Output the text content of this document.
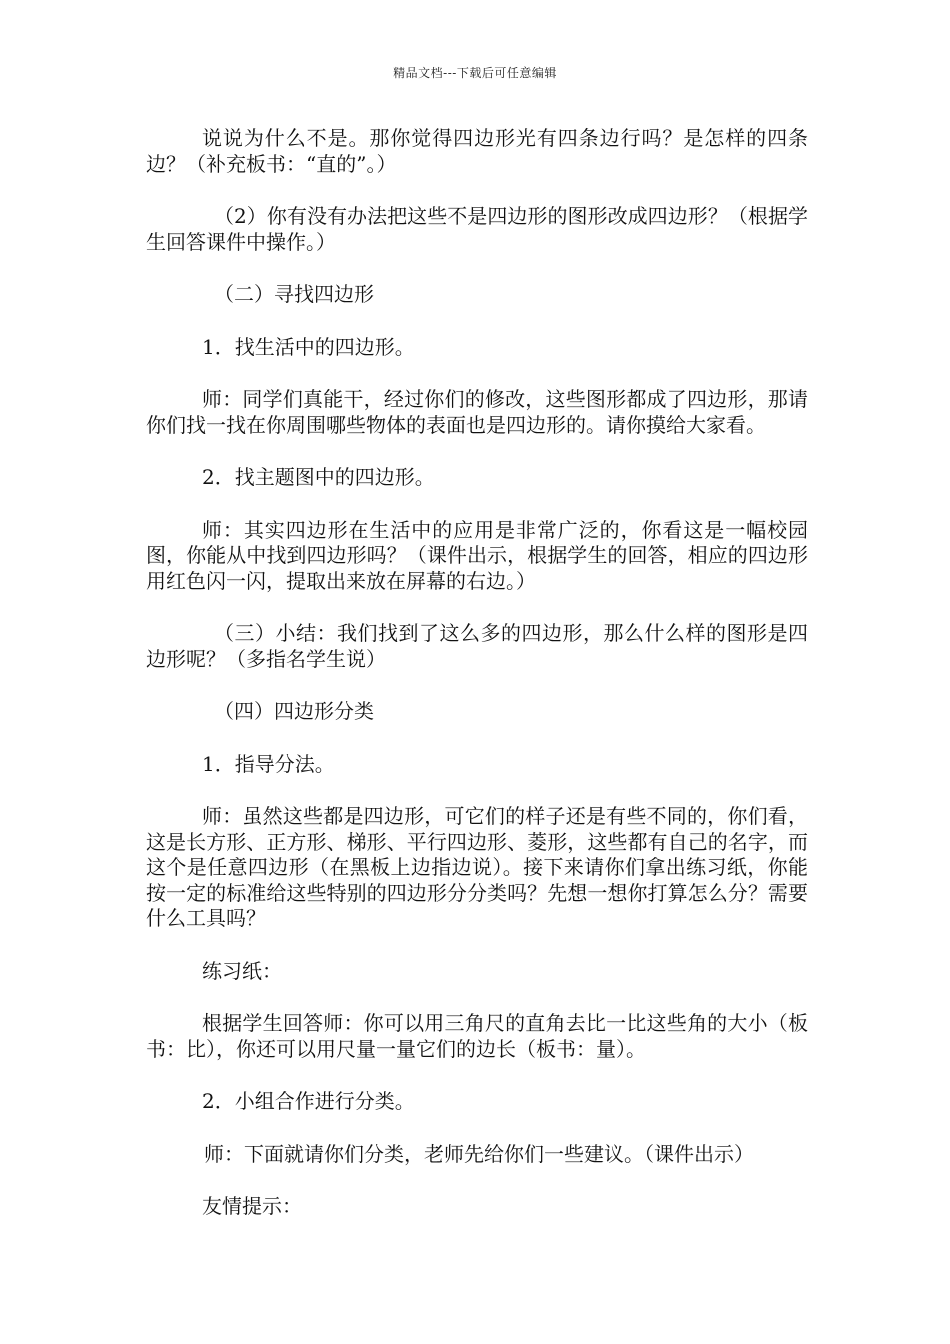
精品文档---下载后可任意编辑

说说为什么不是。那你觉得四边形光有四条边行吗？是怎样的四条边？（补充板书：“直的”。）

（2）你有没有办法把这些不是四边形的图形改成四边形？（根据学生回答课件中操作。）

（二）寻找四边形

1．找生活中的四边形。

师：同学们真能干，经过你们的修改，这些图形都成了四边形，那请你们找一找在你周围哪些物体的表面也是四边形的。请你摸给大家看。

2．找主题图中的四边形。

师：其实四边形在生活中的应用是非常广泛的，你看这是一幅校园图，你能从中找到四边形吗？（课件出示，根据学生的回答，相应的四边形用红色闪一闪，提取出来放在屏幕的右边。）

（三）小结：我们找到了这么多的四边形，那么什么样的图形是四边形呢？（多指名学生说）

（四）四边形分类

1．指导分法。

师：虽然这些都是四边形，可它们的样子还是有些不同的，你们看，这是长方形、正方形、梯形、平行四边形、菱形，这些都有自己的名字，而这个是任意四边形（在黑板上边指边说）。接下来请你们拿出练习纸，你能按一定的标准给这些特别的四边形分分类吗？先想一想你打算怎么分？需要什么工具吗？

练习纸：

根据学生回答师：你可以用三角尺的直角去比一比这些角的大小（板书：比），你还可以用尺量一量它们的边长（板书：量）。

2．小组合作进行分类。

师：下面就请你们分类，老师先给你们一些建议。（课件出示）

友情提示：
